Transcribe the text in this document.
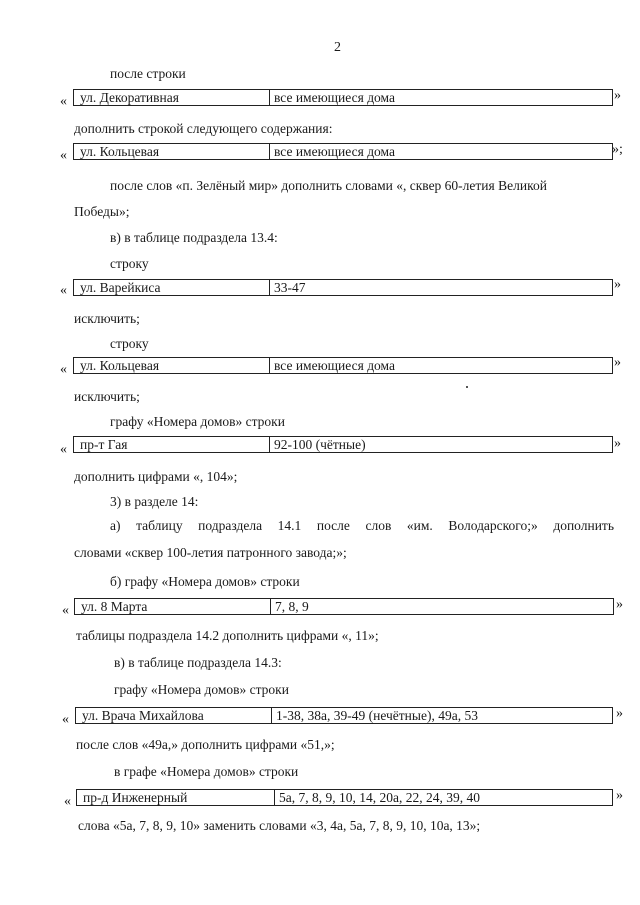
2
после строки
« ул. Декоративная	все имеющиеся дома	»
дополнить строкой следующего содержания:
« ул. Кольцевая	все имеющиеся дома	»;
после слов «п. Зелёный мир» дополнить словами «, сквер 60-летия Великой
Победы»;
в) в таблице подраздела 13.4:
строку
« ул. Варейкиса	33-47	»
исключить;
строку
« ул. Кольцевая	все имеющиеся дома	»
исключить;
графу «Номера домов» строки
« пр-т Гая	92-100 (чётные)	»
дополнить цифрами «, 104»;
3) в разделе 14:
а) таблицу подраздела 14.1 после слов «им. Володарского;» дополнить
словами «сквер 100-летия патронного завода;»;
б) графу «Номера домов» строки
« ул. 8 Марта	7, 8, 9	»
таблицы подраздела 14.2 дополнить цифрами «, 11»;
в) в таблице подраздела 14.3:
графу «Номера домов» строки
« ул. Врача Михайлова	1-38, 38а, 39-49 (нечётные), 49а, 53	»
после слов «49а,» дополнить цифрами «51,»;
в графе «Номера домов» строки
« пр-д Инженерный	5а, 7, 8, 9, 10, 14, 20а, 22, 24, 39, 40	»
слова «5а, 7, 8, 9, 10» заменить словами «3, 4а, 5а, 7, 8, 9, 10, 10а, 13»;
